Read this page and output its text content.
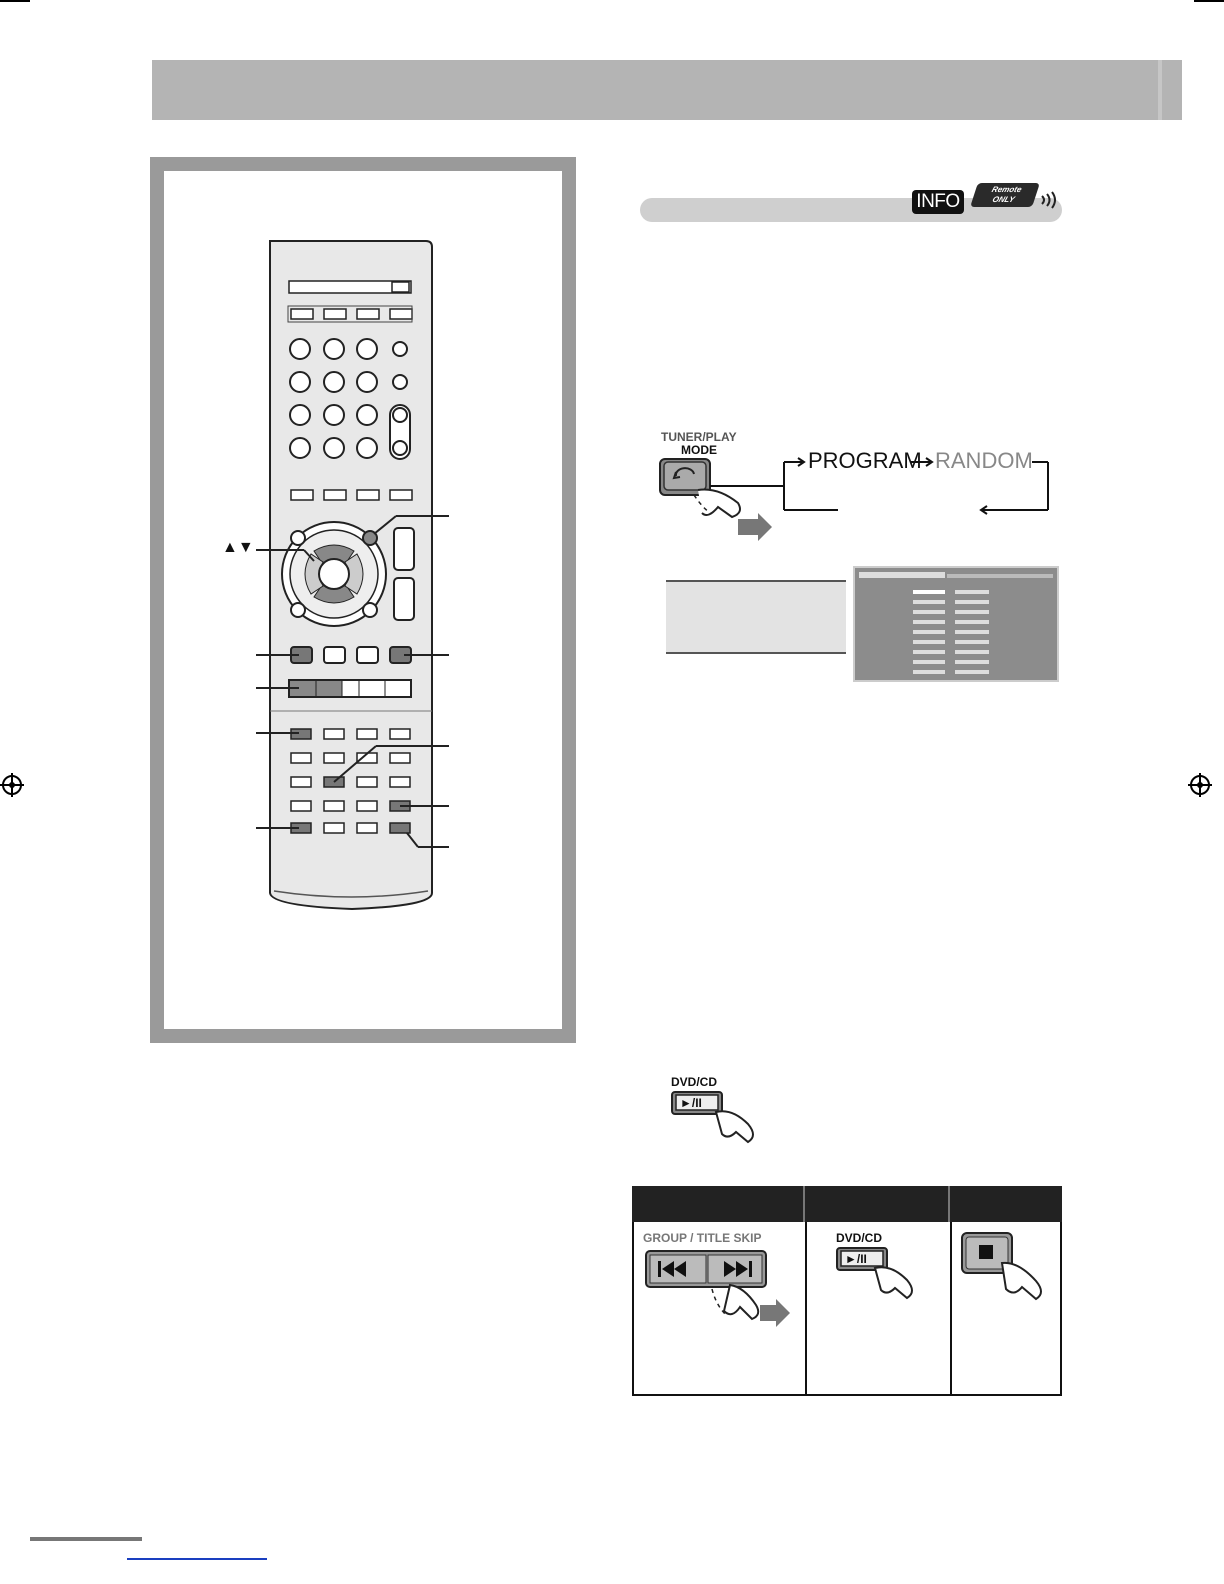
▲▼
INFO
Remote
ONLY
TUNER/PLAY
MODE	PROGRAM RANDOM
DVD/CD
►/II
GROUP / TITLE SKIP	DVD/CD
►/II
